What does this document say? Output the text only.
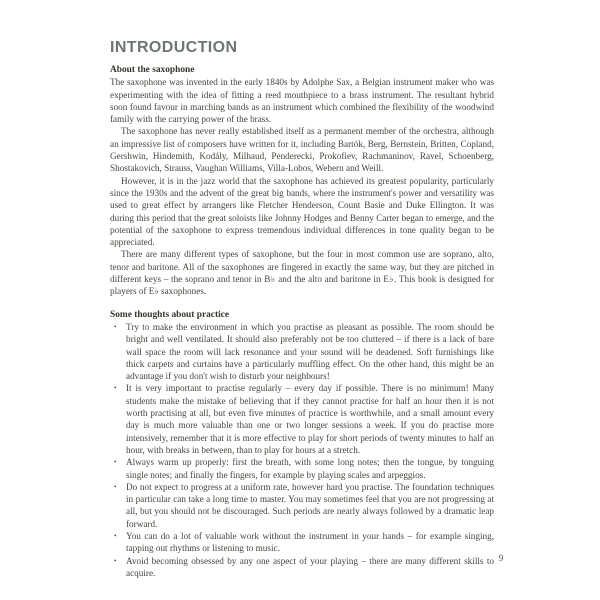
INTRODUCTION
About the saxophone

The saxophone was invented in the early 1840s by Adolphe Sax, a Belgian instrument maker who was experimenting with the idea of fitting a reed mouthpiece to a brass instrument. The resultant hybrid soon found favour in marching bands as an instrument which combined the flexibility of the woodwind family with the carrying power of the brass.

The saxophone has never really established itself as a permanent member of the orchestra, although an impressive list of composers have written for it, including Bartók, Berg, Bernstein, Britten, Copland, Gershwin, Hindemith, Kodály, Milhaud, Penderecki, Prokofiev, Rachmaninov, Ravel, Schoenberg, Shostakovich, Strauss, Vaughan Williams, Villa-Lobos, Webern and Weill.

However, it is in the jazz world that the saxophone has achieved its greatest popularity, particularly since the 1930s and the advent of the great big bands, where the instrument's power and versatility was used to great effect by arrangers like Fletcher Henderson, Count Basie and Duke Ellington. It was during this period that the great soloists like Johnny Hodges and Benny Carter began to emerge, and the potential of the saxophone to express tremendous individual differences in tone quality began to be appreciated.

There are many different types of saxophone, but the four in most common use are soprano, alto, tenor and baritone. All of the saxophones are fingered in exactly the same way, but they are pitched in different keys – the soprano and tenor in B♭ and the alto and baritone in E♭. This book is designed for players of E♭ saxophones.

Some thoughts about practice
• Try to make the environment in which you practise as pleasant as possible. The room should be bright and well ventilated. It should also preferably not be too cluttered – if there is a lack of bare wall space the room will lack resonance and your sound will be deadened. Soft furnishings like thick carpets and curtains have a particularly muffling effect. On the other hand, this might be an advantage if you don't wish to disturb your neighbours!
• It is very important to practise regularly – every day if possible. There is no minimum! Many students make the mistake of believing that if they cannot practise for half an hour then it is not worth practising at all, but even five minutes of practice is worthwhile, and a small amount every day is much more valuable than one or two longer sessions a week. If you do practise more intensively, remember that it is more effective to play for short periods of twenty minutes to half an hour, with breaks in between, than to play for hours at a stretch.
• Always warm up properly: first the breath, with some long notes; then the tongue, by tonguing single notes; and finally the fingers, for example by playing scales and arpeggios.
• Do not expect to progress at a uniform rate, however hard you practise. The foundation techniques in particular can take a long time to master. You may sometimes feel that you are not progressing at all, but you should not be discouraged. Such periods are nearly always followed by a dramatic leap forward.
• You can do a lot of valuable work without the instrument in your hands – for example singing, tapping out rhythms or listening to music.
• Avoid becoming obsessed by any one aspect of your playing – there are many different skills to acquire.
9
